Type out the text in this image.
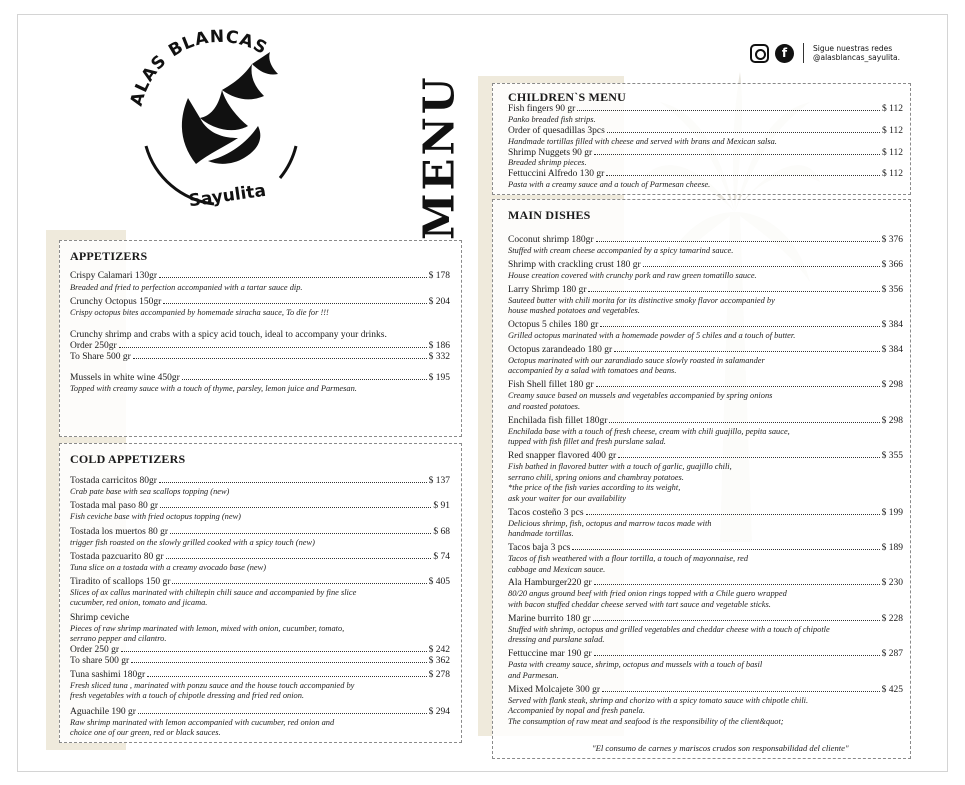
ALAS BLANCAS
Sayulita	MENU
f	Sigue nuestras redes
@alasblancas_sayulita.
APPETIZERS
Crispy Calamari 130gr	$ 178
Breaded and fried to perfection accompanied with a tartar sauce dip.
Crunchy Octopus 150gr	$ 204
Crispy octopus bites accompanied by homemade siracha sauce, To die for !!!
Crunchy shrimp and crabs with a spicy acid touch, ideal to accompany your drinks.
Order 250gr	$ 186
To Share 500 gr	$ 332
Mussels in white wine 450gr	$ 195
Topped with creamy sauce with a touch of thyme, parsley, lemon juice and Parmesan.
COLD APPETIZERS
Tostada carricitos 80gr	$ 137
Crab pate base with sea scallops topping (new)
Tostada mal paso 80 gr	$ 91
Fish ceviche base with fried octopus topping (new)
Tostada los muertos 80 gr	$ 68
trigger fish roasted on the slowly grilled cooked with a spicy touch (new)
Tostada pazcuarito 80 gr	$ 74
Tuna slice on a tostada with a creamy avocado base (new)
Tiradito of scallops 150 gr	$ 405
Slices of ax callus marinated with chiltepin chili sauce and accompanied by fine slice
cucumber, red onion, tomato and jicama.
Shrimp ceviche
Pieces of raw shrimp marinated with lemon, mixed with onion, cucumber, tomato,
serrano pepper and cilantro.
Order 250 gr	$ 242
To share 500 gr	$ 362
Tuna sashimi 180gr	$ 278
Fresh sliced tuna , marinated with ponzu sauce and the house touch accompanied by
fresh vegetables with a touch of chipotle dressing and fried red onion.
Aguachile 190 gr	$ 294
Raw shrimp marinated with lemon accompanied with cucumber, red onion and
choice one of our green, red or black sauces.
CHILDREN`S MENU
Fish fingers 90 gr	$ 112
Panko breaded fish strips.
Order of quesadillas 3pcs	$ 112
Handmade tortillas filled with cheese and served with brans and Mexican salsa.
Shrimp Nuggets 90 gr	$ 112
Breaded shrimp pieces.
Fettuccini Alfredo 130 gr	$ 112
Pasta with a creamy sauce and a touch of Parmesan cheese.
MAIN DISHES
Coconut shrimp 180gr	$ 376
Stuffed with cream cheese accompanied by a spicy tamarind sauce.
Shrimp with crackling crust 180 gr	$ 366
House creation covered with crunchy pork and raw green tomatillo sauce.
Larry Shrimp 180 gr	$ 356
Sauteed butter with chili morita for its distinctive smoky flavor accompanied by
house mashed potatoes and vegetables.
Octopus 5 chiles 180 gr	$ 384
Grilled octopus marinated with a homemade powder of 5 chiles and a touch of butter.
Octopus zarandeado 180 gr	$ 384
Octopus marinated with our zarandiado sauce slowly roasted in salamander
accompanied by a salad with tomatoes and beans.
Fish Shell fillet 180 gr	$ 298
Creamy sauce based on mussels and vegetables accompanied by spring onions
and roasted potatoes.
Enchilada fish fillet 180gr	$ 298
Enchilada base with a touch of fresh cheese, cream with chili guajillo, pepita sauce,
tupped with fish fillet and fresh purslane salad.
Red snapper flavored 400 gr	$ 355
Fish bathed in flavored butter with a touch of garlic, guajillo chili,
serrano chili, spring onions and chambray potatoes.
*the price of the fish varies according to its weight,
ask your waiter for our availability
Tacos costeño 3 pcs	$ 199
Delicious shrimp, fish, octopus and marrow tacos made with
handmade tortillas.
Tacos baja 3 pcs	$ 189
Tacos of fish weathered with a flour tortilla, a touch of mayonnaise, red
cabbage and Mexican sauce.
Ala Hamburger220 gr	$ 230
80/20 angus ground beef with fried onion rings topped with a Chile guero wrapped
with bacon stuffed cheddar cheese served with tart sauce and vegetable sticks.
Marine burrito 180 gr	$ 228
Stuffed with shrimp, octopus and grilled vegetables and cheddar cheese with a touch of chipotle
dressing and purslane salad.
Fettuccine mar 190 gr	$ 287
Pasta with creamy sauce, shrimp, octopus and mussels with a touch of basil
and Parmesan.
Mixed Molcajete 300 gr	$ 425
Served with flank steak, shrimp and chorizo with a spicy tomato sauce with chipotle chili.
Accompanied by nopal and fresh panela.
The consumption of raw meat and seafood is the responsibility of the client&quot;
"El consumo de carnes y mariscos crudos son responsabilidad del cliente"
